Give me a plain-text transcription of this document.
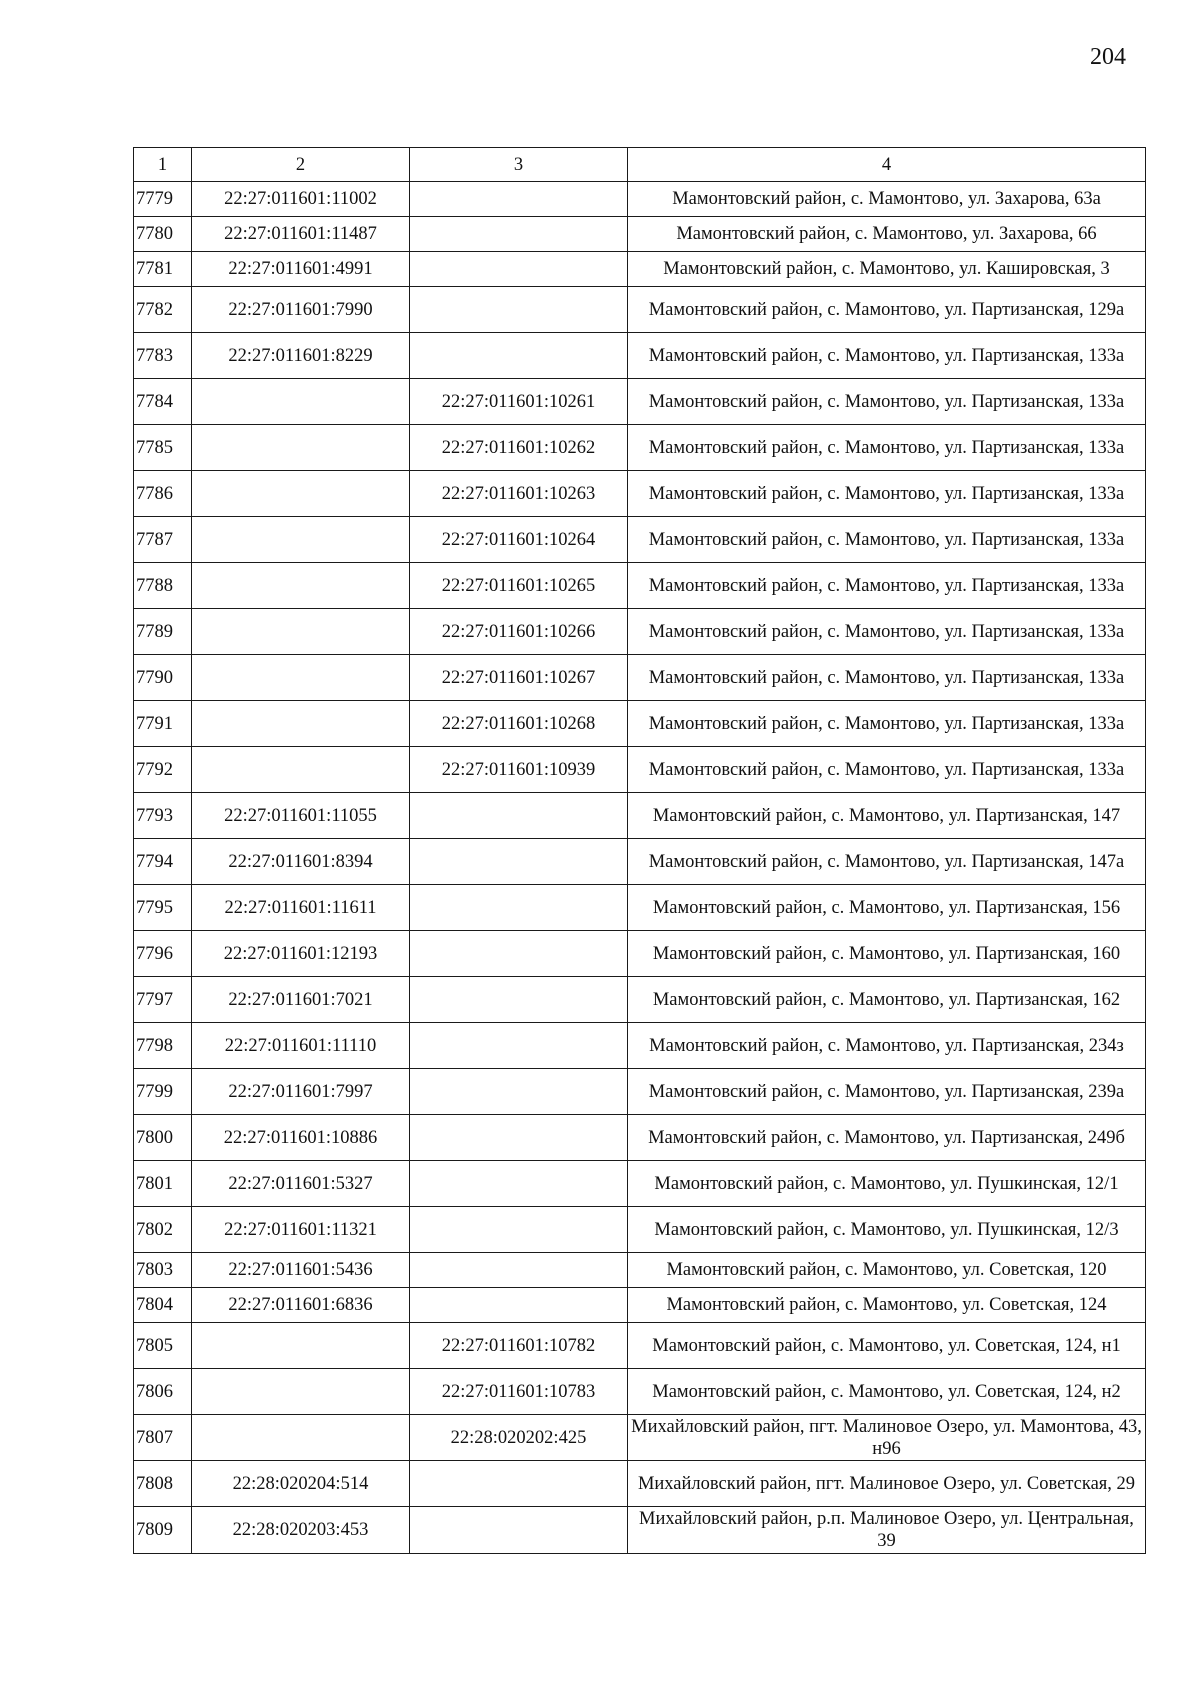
204
1	2	3	4
7779	22:27:011601:11002		Мамонтовский район, с. Мамонтово, ул. Захарова, 63а
7780	22:27:011601:11487		Мамонтовский район, с. Мамонтово, ул. Захарова, 66
7781	22:27:011601:4991		Мамонтовский район, с. Мамонтово, ул. Кашировская, 3
7782	22:27:011601:7990		Мамонтовский район, с. Мамонтово, ул. Партизанская, 129а
7783	22:27:011601:8229		Мамонтовский район, с. Мамонтово, ул. Партизанская, 133а
7784		22:27:011601:10261	Мамонтовский район, с. Мамонтово, ул. Партизанская, 133а
7785		22:27:011601:10262	Мамонтовский район, с. Мамонтово, ул. Партизанская, 133а
7786		22:27:011601:10263	Мамонтовский район, с. Мамонтово, ул. Партизанская, 133а
7787		22:27:011601:10264	Мамонтовский район, с. Мамонтово, ул. Партизанская, 133а
7788		22:27:011601:10265	Мамонтовский район, с. Мамонтово, ул. Партизанская, 133а
7789		22:27:011601:10266	Мамонтовский район, с. Мамонтово, ул. Партизанская, 133а
7790		22:27:011601:10267	Мамонтовский район, с. Мамонтово, ул. Партизанская, 133а
7791		22:27:011601:10268	Мамонтовский район, с. Мамонтово, ул. Партизанская, 133а
7792		22:27:011601:10939	Мамонтовский район, с. Мамонтово, ул. Партизанская, 133а
7793	22:27:011601:11055		Мамонтовский район, с. Мамонтово, ул. Партизанская, 147
7794	22:27:011601:8394		Мамонтовский район, с. Мамонтово, ул. Партизанская, 147а
7795	22:27:011601:11611		Мамонтовский район, с. Мамонтово, ул. Партизанская, 156
7796	22:27:011601:12193		Мамонтовский район, с. Мамонтово, ул. Партизанская, 160
7797	22:27:011601:7021		Мамонтовский район, с. Мамонтово, ул. Партизанская, 162
7798	22:27:011601:11110		Мамонтовский район, с. Мамонтово, ул. Партизанская, 234з
7799	22:27:011601:7997		Мамонтовский район, с. Мамонтово, ул. Партизанская, 239а
7800	22:27:011601:10886		Мамонтовский район, с. Мамонтово, ул. Партизанская, 249б
7801	22:27:011601:5327		Мамонтовский район, с. Мамонтово, ул. Пушкинская, 12/1
7802	22:27:011601:11321		Мамонтовский район, с. Мамонтово, ул. Пушкинская, 12/3
7803	22:27:011601:5436		Мамонтовский район, с. Мамонтово, ул. Советская, 120
7804	22:27:011601:6836		Мамонтовский район, с. Мамонтово, ул. Советская, 124
7805		22:27:011601:10782	Мамонтовский район, с. Мамонтово, ул. Советская, 124, н1
7806		22:27:011601:10783	Мамонтовский район, с. Мамонтово, ул. Советская, 124, н2
7807		22:28:020202:425	Михайловский район, пгт. Малиновое Озеро, ул. Мамонтова, 43, н96
7808	22:28:020204:514		Михайловский район, пгт. Малиновое Озеро, ул. Советская, 29
7809	22:28:020203:453		Михайловский район, р.п. Малиновое Озеро, ул. Центральная, 39
